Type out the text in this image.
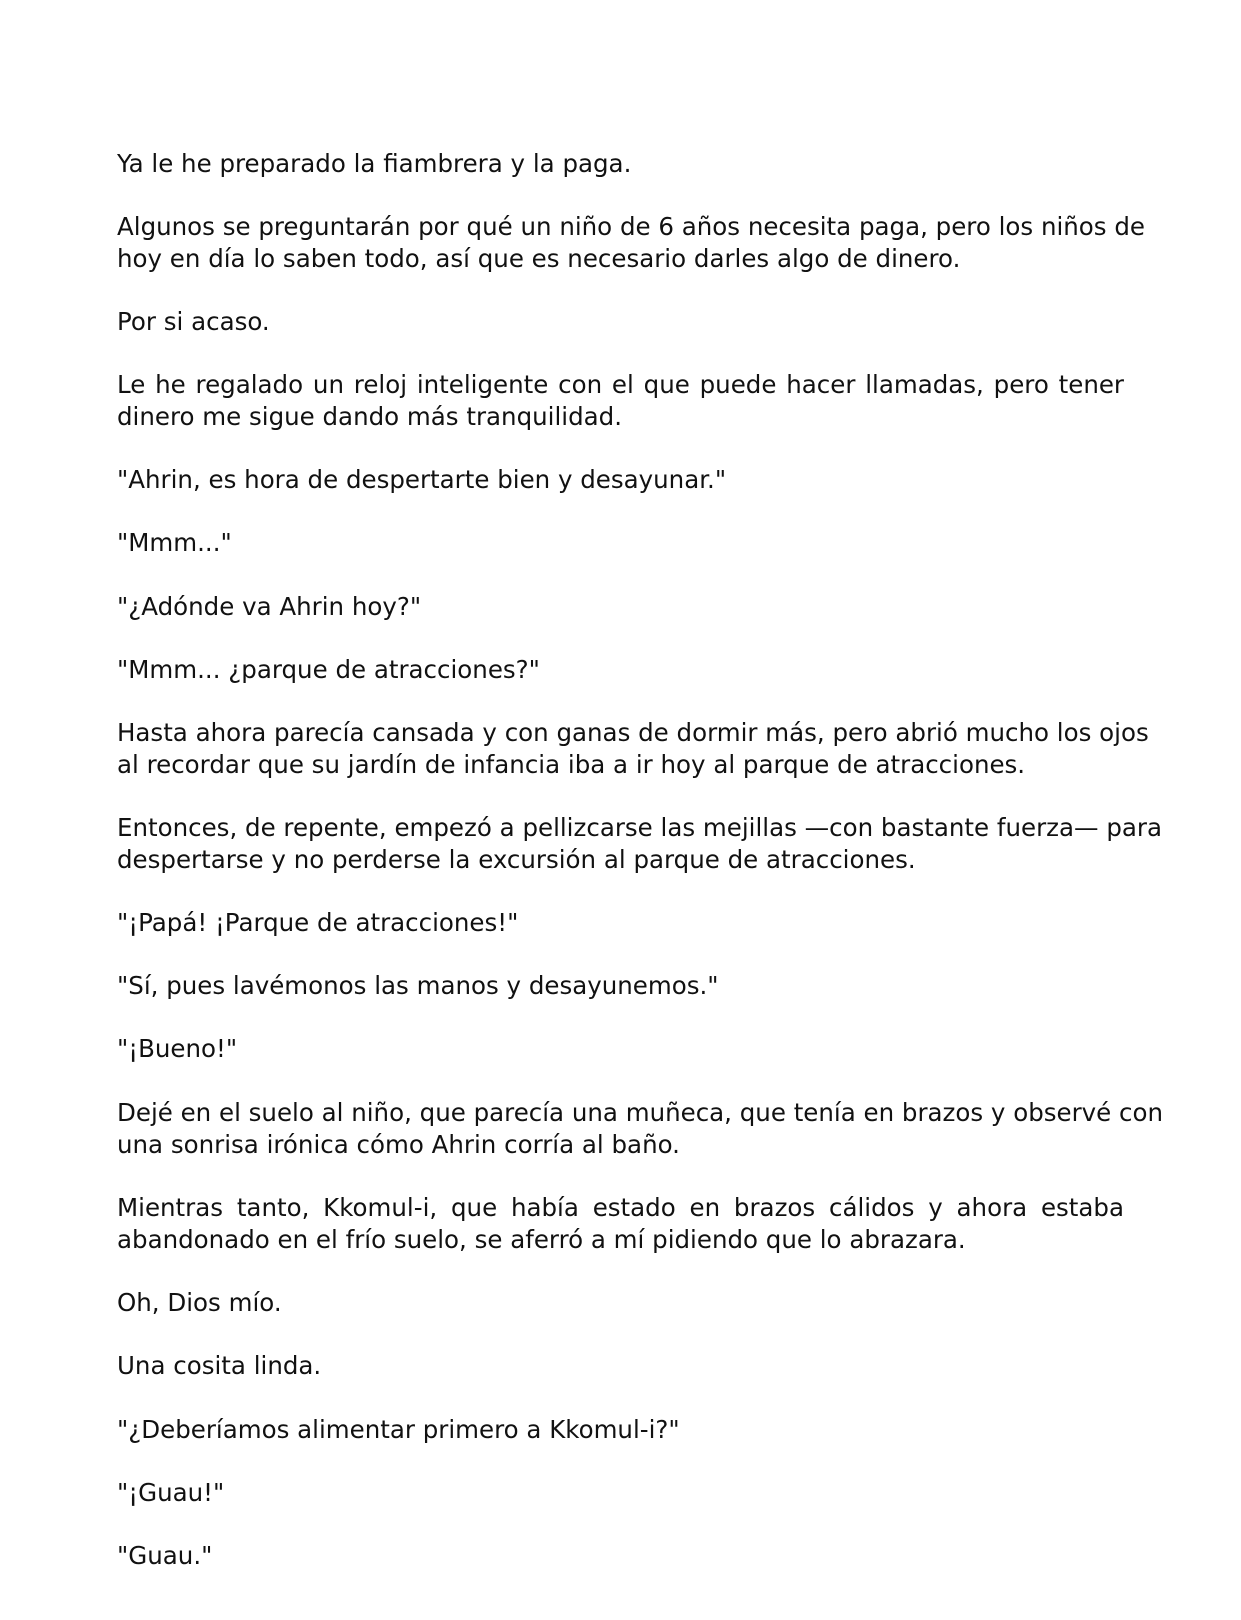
Ya le he preparado la fiambrera y la paga.

Algunos se preguntarán por qué un niño de 6 años necesita paga, pero los niños de
hoy en día lo saben todo, así que es necesario darles algo de dinero.

Por si acaso.

Le he regalado un reloj inteligente con el que puede hacer llamadas, pero tener
dinero me sigue dando más tranquilidad.

"Ahrin, es hora de despertarte bien y desayunar."

"Mmm..."

"¿Adónde va Ahrin hoy?"

"Mmm... ¿parque de atracciones?"

Hasta ahora parecía cansada y con ganas de dormir más, pero abrió mucho los ojos
al recordar que su jardín de infancia iba a ir hoy al parque de atracciones.

Entonces, de repente, empezó a pellizcarse las mejillas —con bastante fuerza— para
despertarse y no perderse la excursión al parque de atracciones.

"¡Papá! ¡Parque de atracciones!"

"Sí, pues lavémonos las manos y desayunemos."

"¡Bueno!"

Dejé en el suelo al niño, que parecía una muñeca, que tenía en brazos y observé con
una sonrisa irónica cómo Ahrin corría al baño.

Mientras tanto, Kkomul-i, que había estado en brazos cálidos y ahora estaba
abandonado en el frío suelo, se aferró a mí pidiendo que lo abrazara.

Oh, Dios mío.

Una cosita linda.

"¿Deberíamos alimentar primero a Kkomul-i?"

"¡Guau!"

"Guau."
